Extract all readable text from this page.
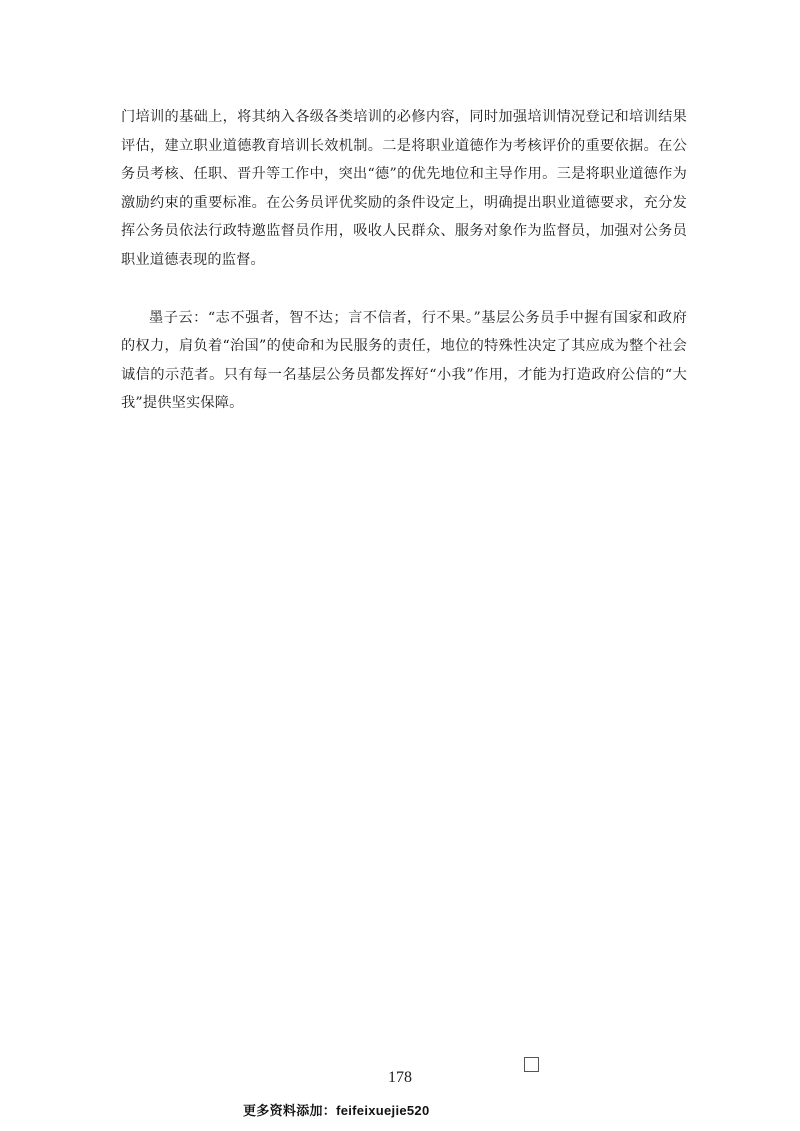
门培训的基础上，将其纳入各级各类培训的必修内容，同时加强培训情况登记和培训结果评估，建立职业道德教育培训长效机制。二是将职业道德作为考核评价的重要依据。在公务员考核、任职、晋升等工作中，突出“德”的优先地位和主导作用。三是将职业道德作为激励约束的重要标准。在公务员评优奖励的条件设定上，明确提出职业道德要求，充分发挥公务员依法行政特邀监督员作用，吸收人民群众、服务对象作为监督员，加强对公务员职业道德表现的监督。

墨子云：“志不强者，智不达；言不信者，行不果。”基层公务员手中握有国家和政府的权力，肩负着“治国”的使命和为民服务的责任，地位的特殊性决定了其应成为整个社会诚信的示范者。只有每一名基层公务员都发挥好“小我”作用，才能为打造政府公信的“大我”提供坚实保障。

178
更多资料添加：feifeixuejie520
